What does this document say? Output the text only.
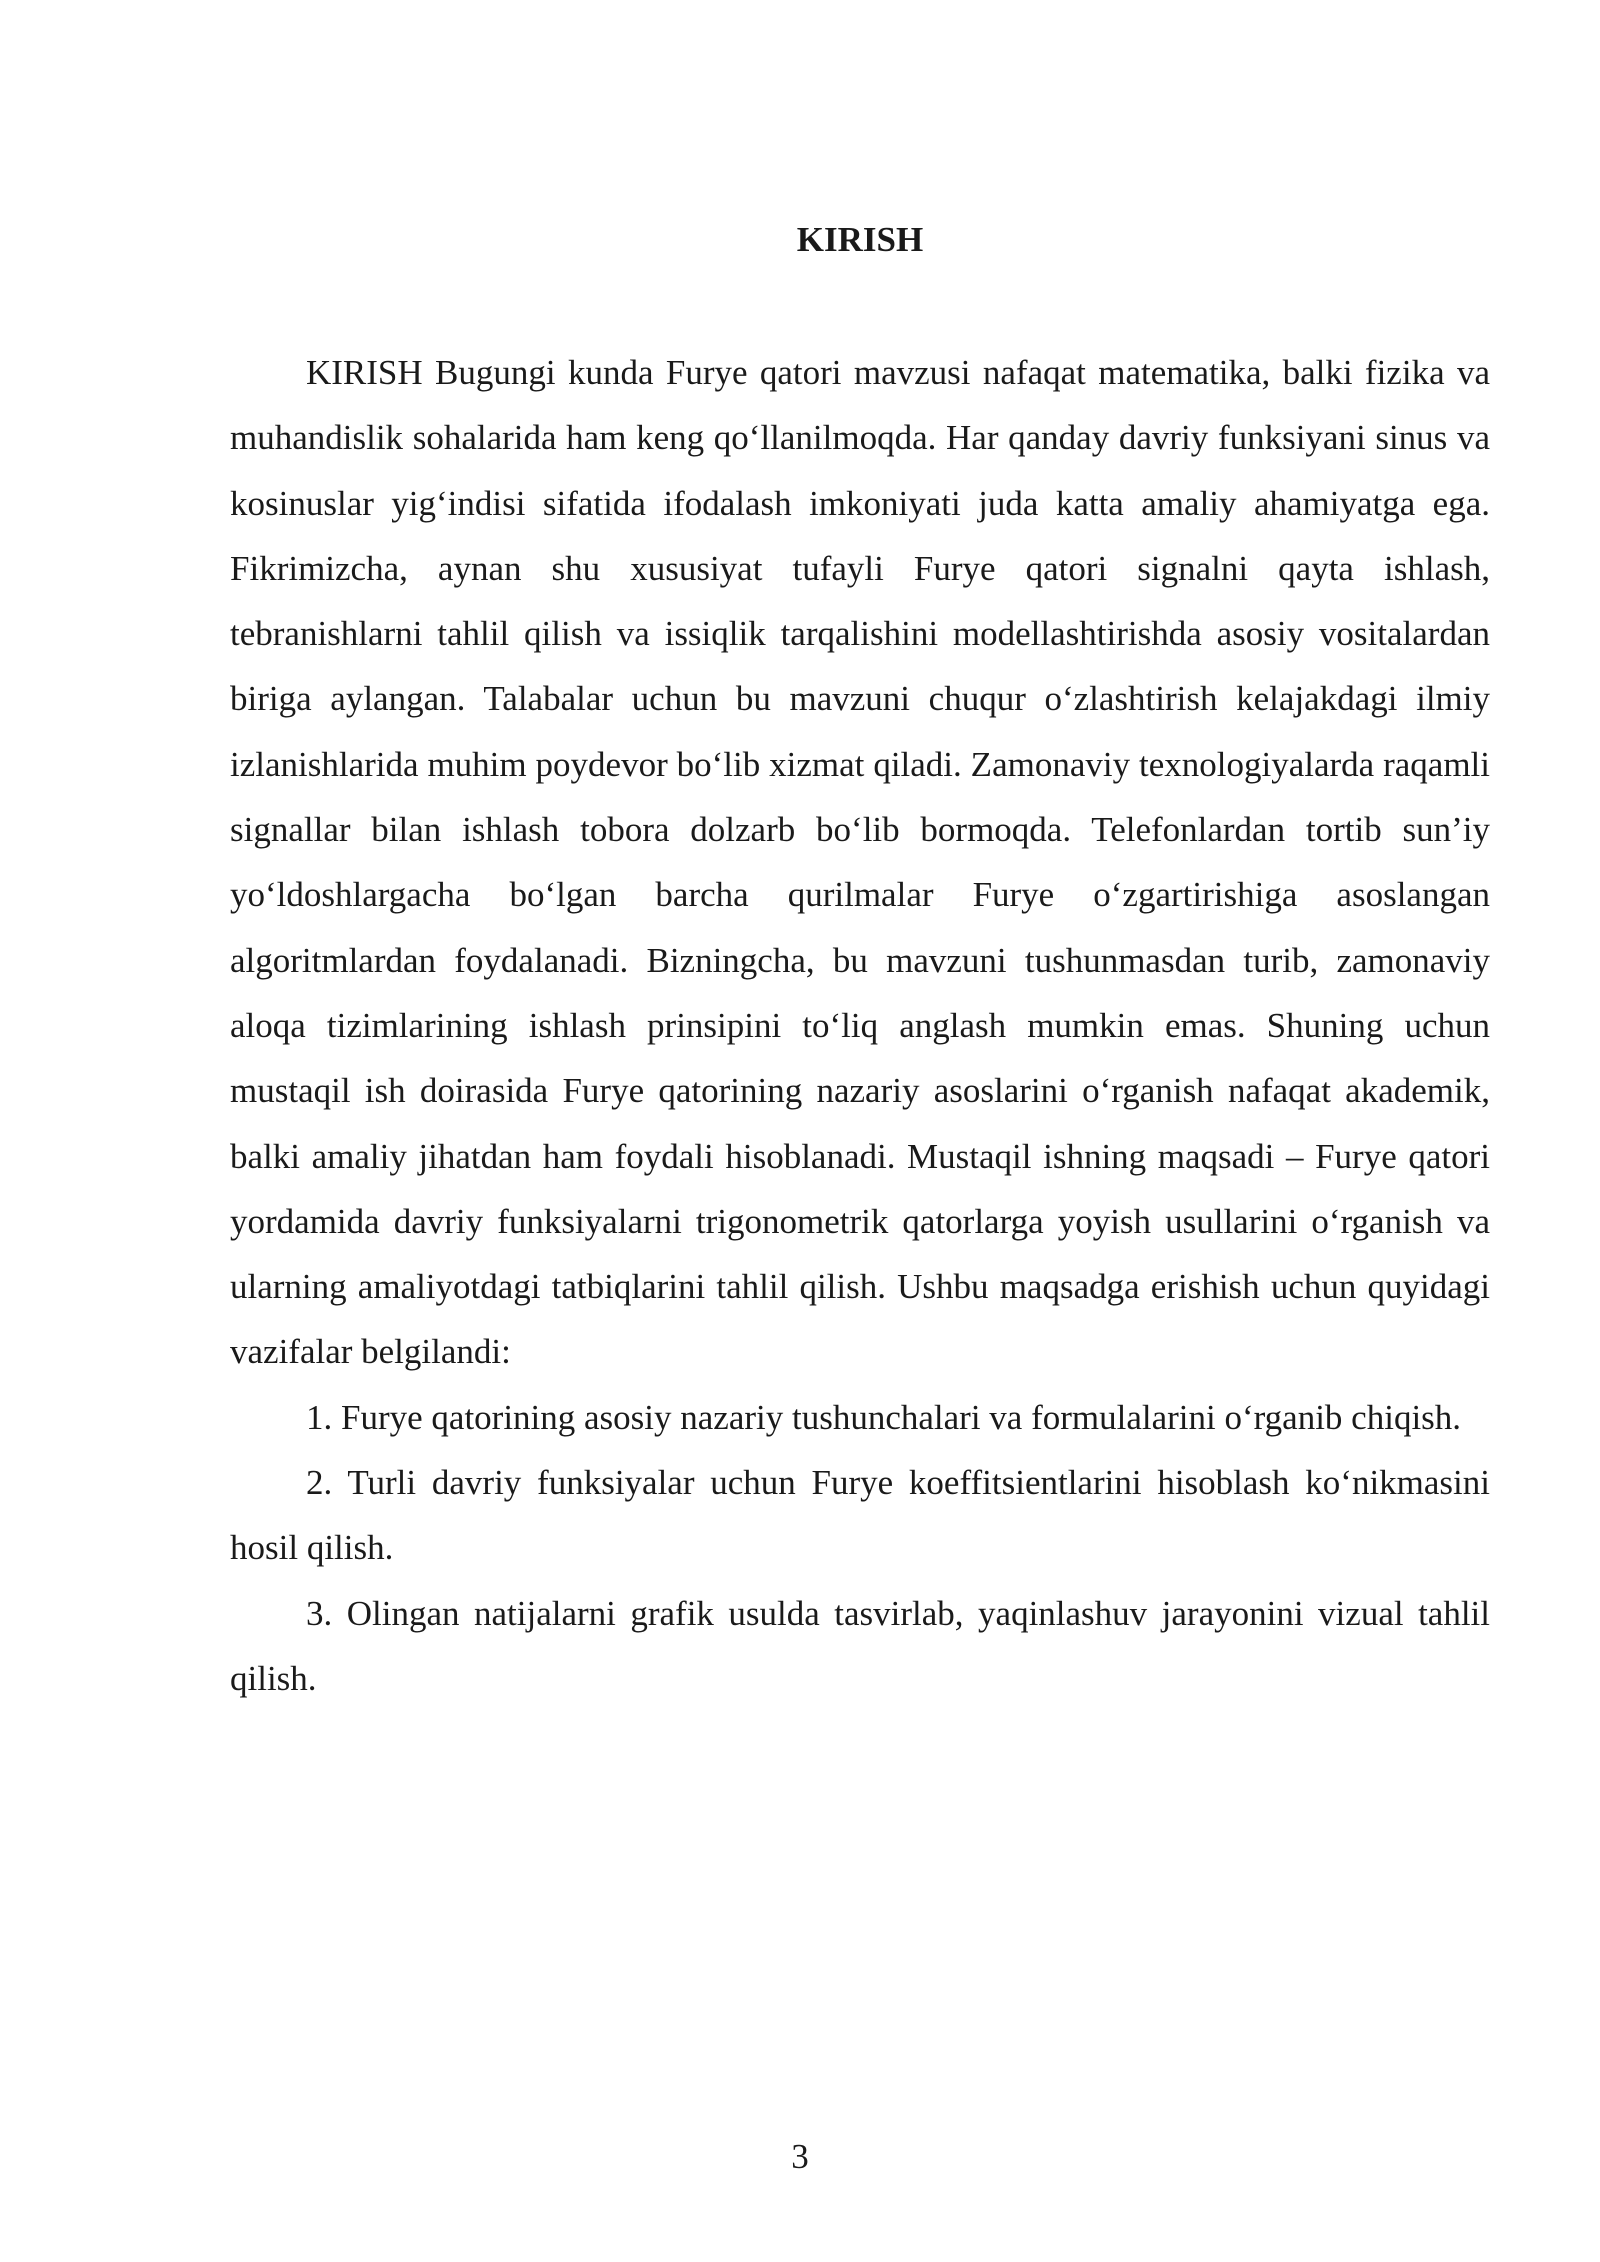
KIRISH

KIRISH Bugungi kunda Furye qatori mavzusi nafaqat matematika, balki fizika va muhandislik sohalarida ham keng qo‘llanilmoqda. Har qanday davriy funksiyani sinus va kosinuslar yig‘indisi sifatida ifodalash imkoniyati juda katta amaliy ahamiyatga ega. Fikrimizcha, aynan shu xususiyat tufayli Furye qatori signalni qayta ishlash, tebranishlarni tahlil qilish va issiqlik tarqalishini modellashtirishda asosiy vositalardan biriga aylangan. Talabalar uchun bu mavzuni chuqur o‘zlashtirish kelajakdagi ilmiy izlanishlarida muhim poydevor bo‘lib xizmat qiladi. Zamonaviy texnologiyalarda raqamli signallar bilan ishlash tobora dolzarb bo‘lib bormoqda. Telefonlardan tortib sun’iy yo‘ldoshlargacha bo‘lgan barcha qurilmalar Furye o‘zgartirishiga asoslangan algoritmlardan foydalanadi. Bizningcha, bu mavzuni tushunmasdan turib, zamonaviy aloqa tizimlarining ishlash prinsipini to‘liq anglash mumkin emas. Shuning uchun mustaqil ish doirasida Furye qatorining nazariy asoslarini o‘rganish nafaqat akademik, balki amaliy jihatdan ham foydali hisoblanadi. Mustaqil ishning maqsadi – Furye qatori yordamida davriy funksiyalarni trigonometrik qatorlarga yoyish usullarini o‘rganish va ularning amaliyotdagi tatbiqlarini tahlil qilish. Ushbu maqsadga erishish uchun quyidagi vazifalar belgilandi:

1. Furye qatorining asosiy nazariy tushunchalari va formulalarini o‘rganib chiqish.

2. Turli davriy funksiyalar uchun Furye koeffitsientlarini hisoblash ko‘nikmasini hosil qilish.

3. Olingan natijalarni grafik usulda tasvirlab, yaqinlashuv jarayonini vizual tahlil qilish.

3
